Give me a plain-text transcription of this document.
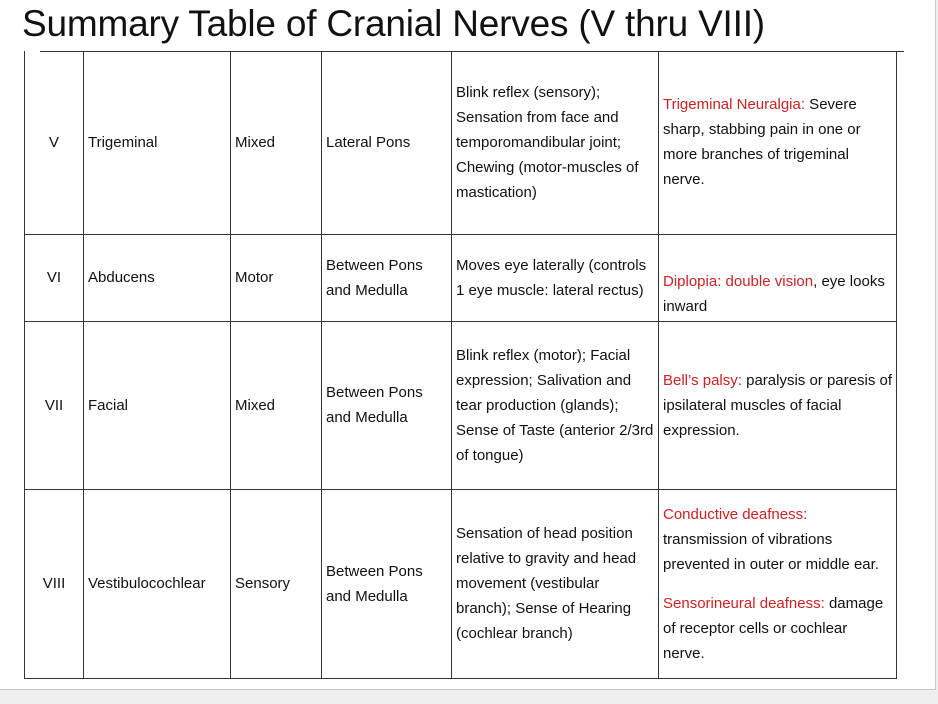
Summary Table of Cranial Nerves (V thru VIII)
V	Trigeminal	Mixed	Lateral Pons	Blink reflex (sensory); Sensation from face and temporomandibular joint; Chewing (motor-muscles of mastication)	Trigeminal Neuralgia: Severe sharp, stabbing pain in one or more branches of trigeminal nerve.
VI	Abducens	Motor	Between Pons and Medulla	Moves eye laterally (controls 1 eye muscle: lateral rectus)	Diplopia: double vision, eye looks inward
VII	Facial	Mixed	Between Pons and Medulla	Blink reflex (motor); Facial expression; Salivation and tear production (glands); Sense of Taste (anterior 2/3rd of tongue)	Bell’s palsy: paralysis or paresis of ipsilateral muscles of facial expression.
VIII	Vestibulocochlear	Sensory	Between Pons and Medulla	Sensation of head position relative to gravity and head movement (vestibular branch); Sense of Hearing (cochlear branch)	Conductive deafness: transmission of vibrations prevented in outer or middle ear.
Sensorineural deafness: damage of receptor cells or cochlear nerve.
